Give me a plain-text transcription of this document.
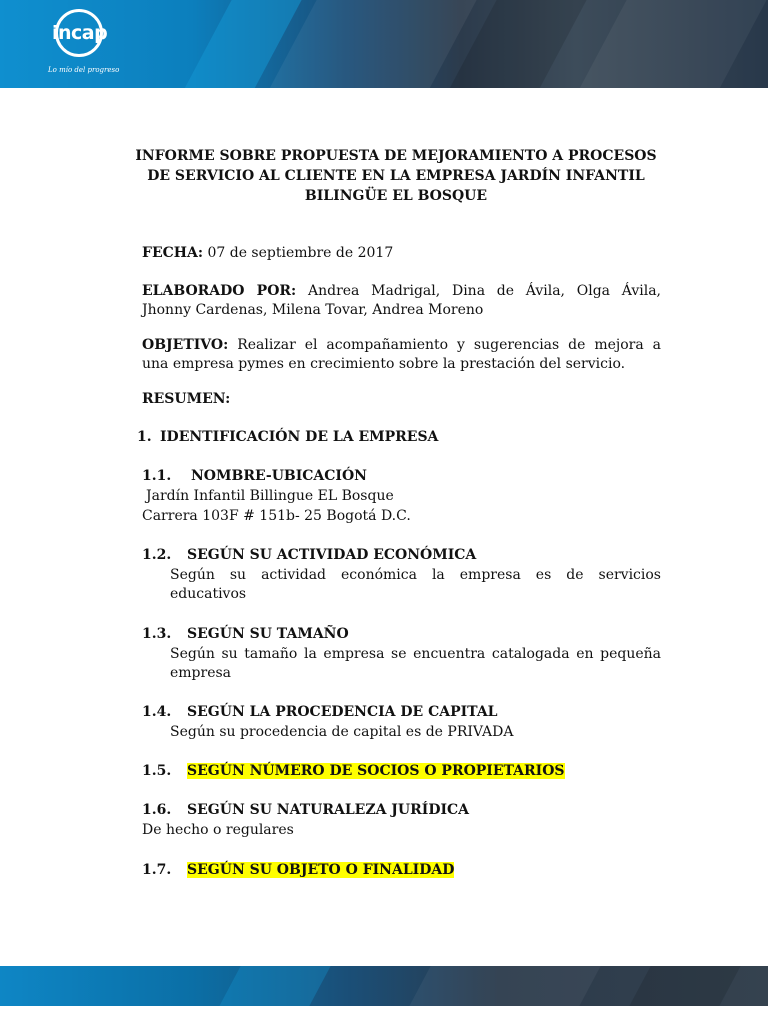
incap
Lo mío del progreso
INFORME SOBRE PROPUESTA DE MEJORAMIENTO A PROCESOS
DE SERVICIO AL CLIENTE EN LA EMPRESA JARDÍN INFANTIL
BILINGÜE EL BOSQUE
FECHA: 07 de septiembre de 2017
ELABORADO POR: Andrea Madrigal, Dina de Ávila, Olga Ávila,
Jhonny Cardenas, Milena Tovar, Andrea Moreno
OBJETIVO: Realizar el acompañamiento y sugerencias de mejora a
una empresa pymes en crecimiento sobre la prestación del servicio.
RESUMEN:
1. IDENTIFICACIÓN DE LA EMPRESA
1.1. NOMBRE-UBICACIÓN
Jardín Infantil Billingue EL Bosque
Carrera 103F # 151b- 25 Bogotá D.C.
1.2. SEGÚN SU ACTIVIDAD ECONÓMICA
Según su actividad económica la empresa es de servicios
educativos
1.3. SEGÚN SU TAMAÑO
Según su tamaño la empresa se encuentra catalogada en pequeña
empresa
1.4. SEGÚN LA PROCEDENCIA DE CAPITAL
Según su procedencia de capital es de PRIVADA
1.5. SEGÚN NÚMERO DE SOCIOS O PROPIETARIOS
1.6. SEGÚN SU NATURALEZA JURÍDICA
De hecho o regulares
1.7. SEGÚN SU OBJETO O FINALIDAD
